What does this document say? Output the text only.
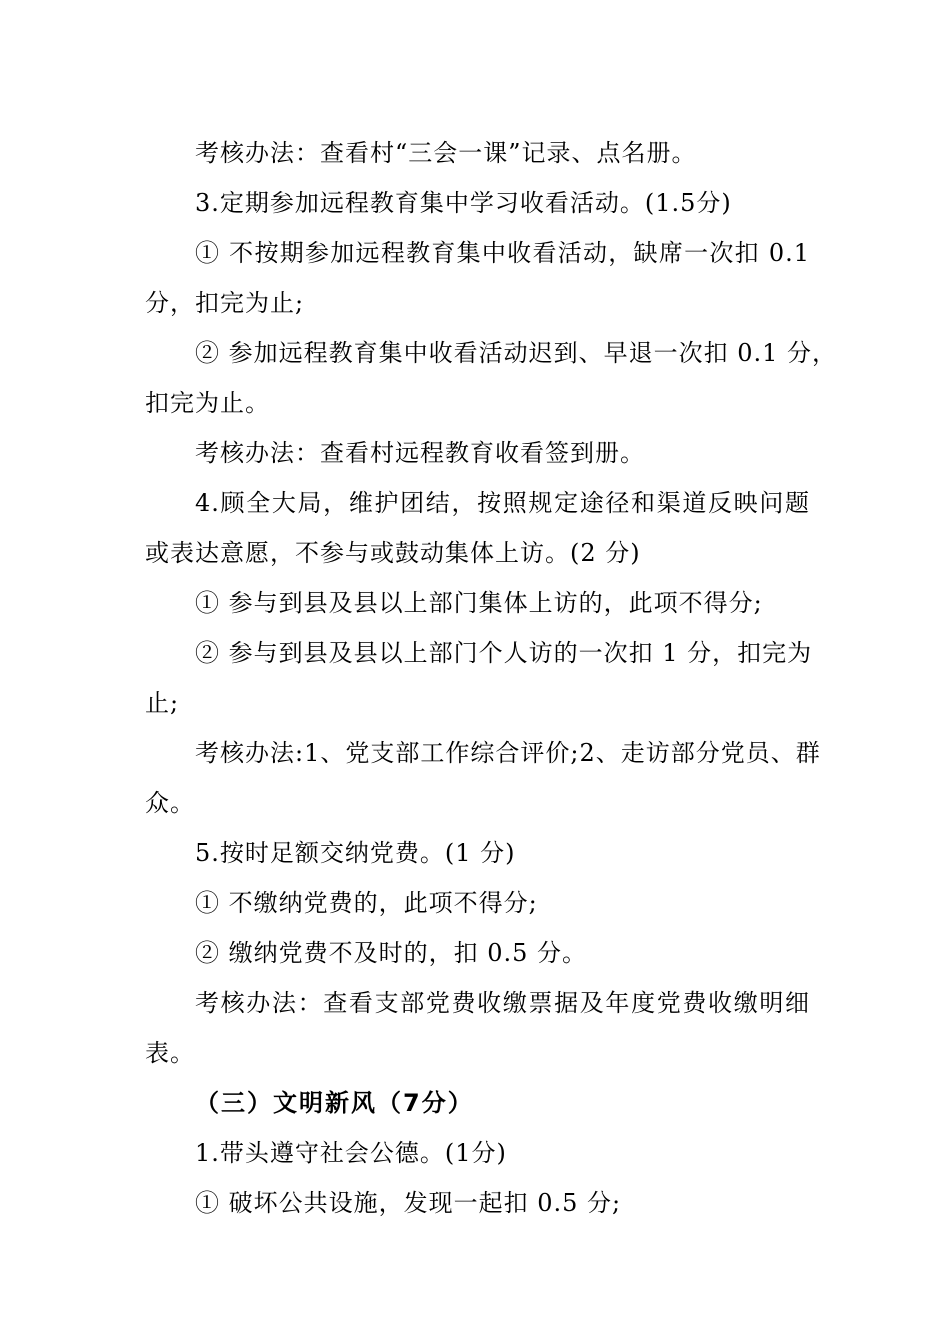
考核办法：查看村“三会一课”记录、点名册。
3.定期参加远程教育集中学习收看活动。(1.5分)
① 不按期参加远程教育集中收看活动，缺席一次扣 0.1
分，扣完为止;
② 参加远程教育集中收看活动迟到、早退一次扣 0.1 分，
扣完为止。
考核办法：查看村远程教育收看签到册。
4.顾全大局，维护团结，按照规定途径和渠道反映问题
或表达意愿，不参与或鼓动集体上访。(2 分)
① 参与到县及县以上部门集体上访的，此项不得分;
② 参与到县及县以上部门个人访的一次扣 1 分，扣完为
止;
考核办法:1、党支部工作综合评价;2、走访部分党员、群
众。
5.按时足额交纳党费。(1 分)
① 不缴纳党费的，此项不得分;
② 缴纳党费不及时的，扣 0.5 分。
考核办法：查看支部党费收缴票据及年度党费收缴明细
表。
（三）文明新风（7分）
1.带头遵守社会公德。(1分)
① 破坏公共设施，发现一起扣 0.5 分;
